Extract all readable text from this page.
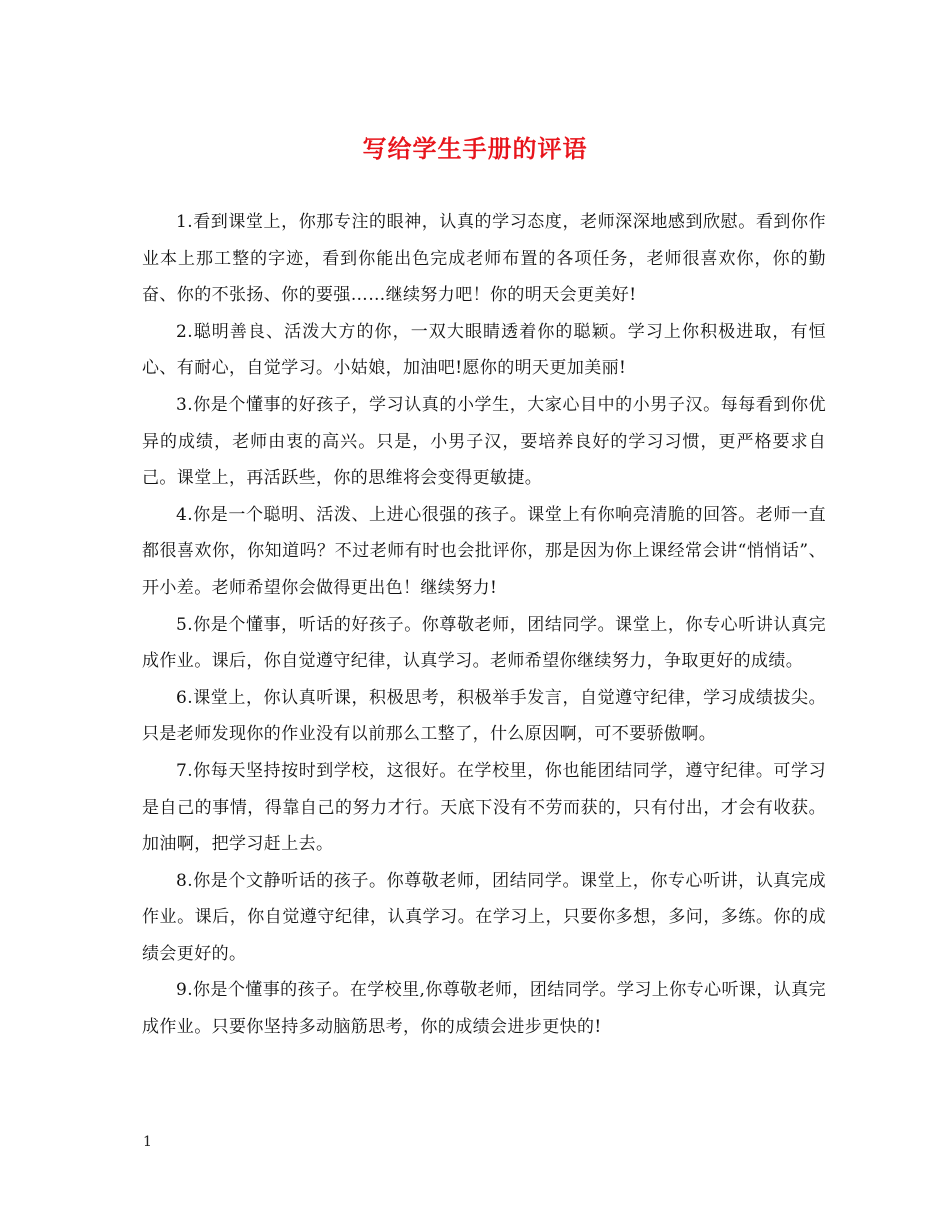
写给学生手册的评语

1.看到课堂上，你那专注的眼神，认真的学习态度，老师深深地感到欣慰。看到你作业本上那工整的字迹，看到你能出色完成老师布置的各项任务，老师很喜欢你，你的勤奋、你的不张扬、你的要强……继续努力吧！你的明天会更美好!

2.聪明善良、活泼大方的你，一双大眼睛透着你的聪颖。学习上你积极进取，有恒心、有耐心，自觉学习。小姑娘，加油吧!愿你的明天更加美丽!

3.你是个懂事的好孩子，学习认真的小学生，大家心目中的小男子汉。每每看到你优异的成绩，老师由衷的高兴。只是，小男子汉，要培养良好的学习习惯，更严格要求自己。课堂上，再活跃些，你的思维将会变得更敏捷。

4.你是一个聪明、活泼、上进心很强的孩子。课堂上有你响亮清脆的回答。老师一直都很喜欢你，你知道吗？不过老师有时也会批评你，那是因为你上课经常会讲“悄悄话”、开小差。老师希望你会做得更出色！继续努力!

5.你是个懂事，听话的好孩子。你尊敬老师，团结同学。课堂上，你专心听讲认真完成作业。课后，你自觉遵守纪律，认真学习。老师希望你继续努力，争取更好的成绩。

6.课堂上，你认真听课，积极思考，积极举手发言，自觉遵守纪律，学习成绩拔尖。只是老师发现你的作业没有以前那么工整了，什么原因啊，可不要骄傲啊。

7.你每天坚持按时到学校，这很好。在学校里，你也能团结同学，遵守纪律。可学习是自己的事情，得靠自己的努力才行。天底下没有不劳而获的，只有付出，才会有收获。加油啊，把学习赶上去。

8.你是个文静听话的孩子。你尊敬老师，团结同学。课堂上，你专心听讲，认真完成作业。课后，你自觉遵守纪律，认真学习。在学习上，只要你多想，多问，多练。你的成绩会更好的。

9.你是个懂事的孩子。在学校里,你尊敬老师，团结同学。学习上你专心听课，认真完成作业。只要你坚持多动脑筋思考，你的成绩会进步更快的!

1
